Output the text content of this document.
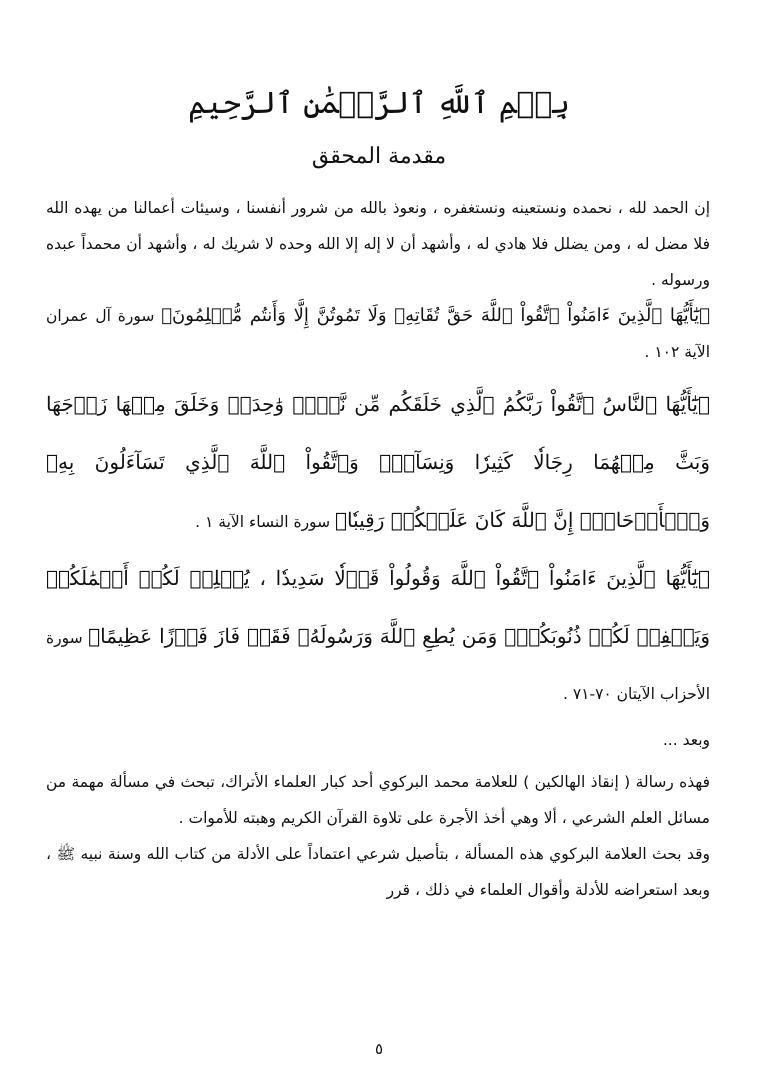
بِسۡمِ ٱللَّهِ ٱلرَّحۡمَٰنِ ٱلرَّحِيمِ
مقدمة المحقق

إن الحمد لله ، نحمده ونستعينه ونستغفره ، ونعوذ بالله من شرور أنفسنا ، وسيئات أعمالنا من يهده الله فلا مضل له ، ومن يضلل فلا هادي له ، وأشهد أن لا إله إلا الله وحده لا شريك له ، وأشهد أن محمداً عبده ورسوله .

﴿يَٰٓأَيُّهَا ٱلَّذِينَ ءَامَنُواْ ٱتَّقُواْ ٱللَّهَ حَقَّ تُقَاتِهِۦ وَلَا تَمُوتُنَّ إِلَّا وَأَنتُم مُّسۡلِمُونَ﴾ سورة آل عمران الآية ١٠٢ .

﴿يَٰٓأَيُّهَا ٱلنَّاسُ ٱتَّقُواْ رَبَّكُمُ ٱلَّذِي خَلَقَكُم مِّن نَّفۡسٖ وَٰحِدَةٖ وَخَلَقَ مِنۡهَا زَوۡجَهَا وَبَثَّ مِنۡهُمَا رِجَالٗا كَثِيرٗا وَنِسَآءٗۚ وَٱتَّقُواْ ٱللَّهَ ٱلَّذِي تَسَآءَلُونَ بِهِۦ وَٱلۡأَرۡحَامَۚ إِنَّ ٱللَّهَ كَانَ عَلَيۡكُمۡ رَقِيبٗا﴾ سورة النساء الآية ١ .

﴿يَٰٓأَيُّهَا ٱلَّذِينَ ءَامَنُواْ ٱتَّقُواْ ٱللَّهَ وَقُولُواْ قَوۡلٗا سَدِيدٗا ، يُصۡلِحۡ لَكُمۡ أَعۡمَٰلَكُمۡ وَيَغۡفِرۡ لَكُمۡ ذُنُوبَكُمۡۗ وَمَن يُطِعِ ٱللَّهَ وَرَسُولَهُۥ فَقَدۡ فَازَ فَوۡزًا عَظِيمًا﴾ سورة الأحزاب الآيتان ٧٠-٧١ .

وبعد ...

فهذه رسالة ( إنقاذ الهالكين ) للعلامة محمد البركوي أحد كبار العلماء الأتراك، تبحث في مسألة مهمة من مسائل العلم الشرعي ، ألا وهي أخذ الأجرة على تلاوة القرآن الكريم وهبته للأموات .

وقد بحث العلامة البركوي هذه المسألة ، بتأصيل شرعي اعتماداً على الأدلة من كتاب الله وسنة نبيه ﷺ ، وبعد استعراضه للأدلة وأقوال العلماء في ذلك ، قرر

٥
